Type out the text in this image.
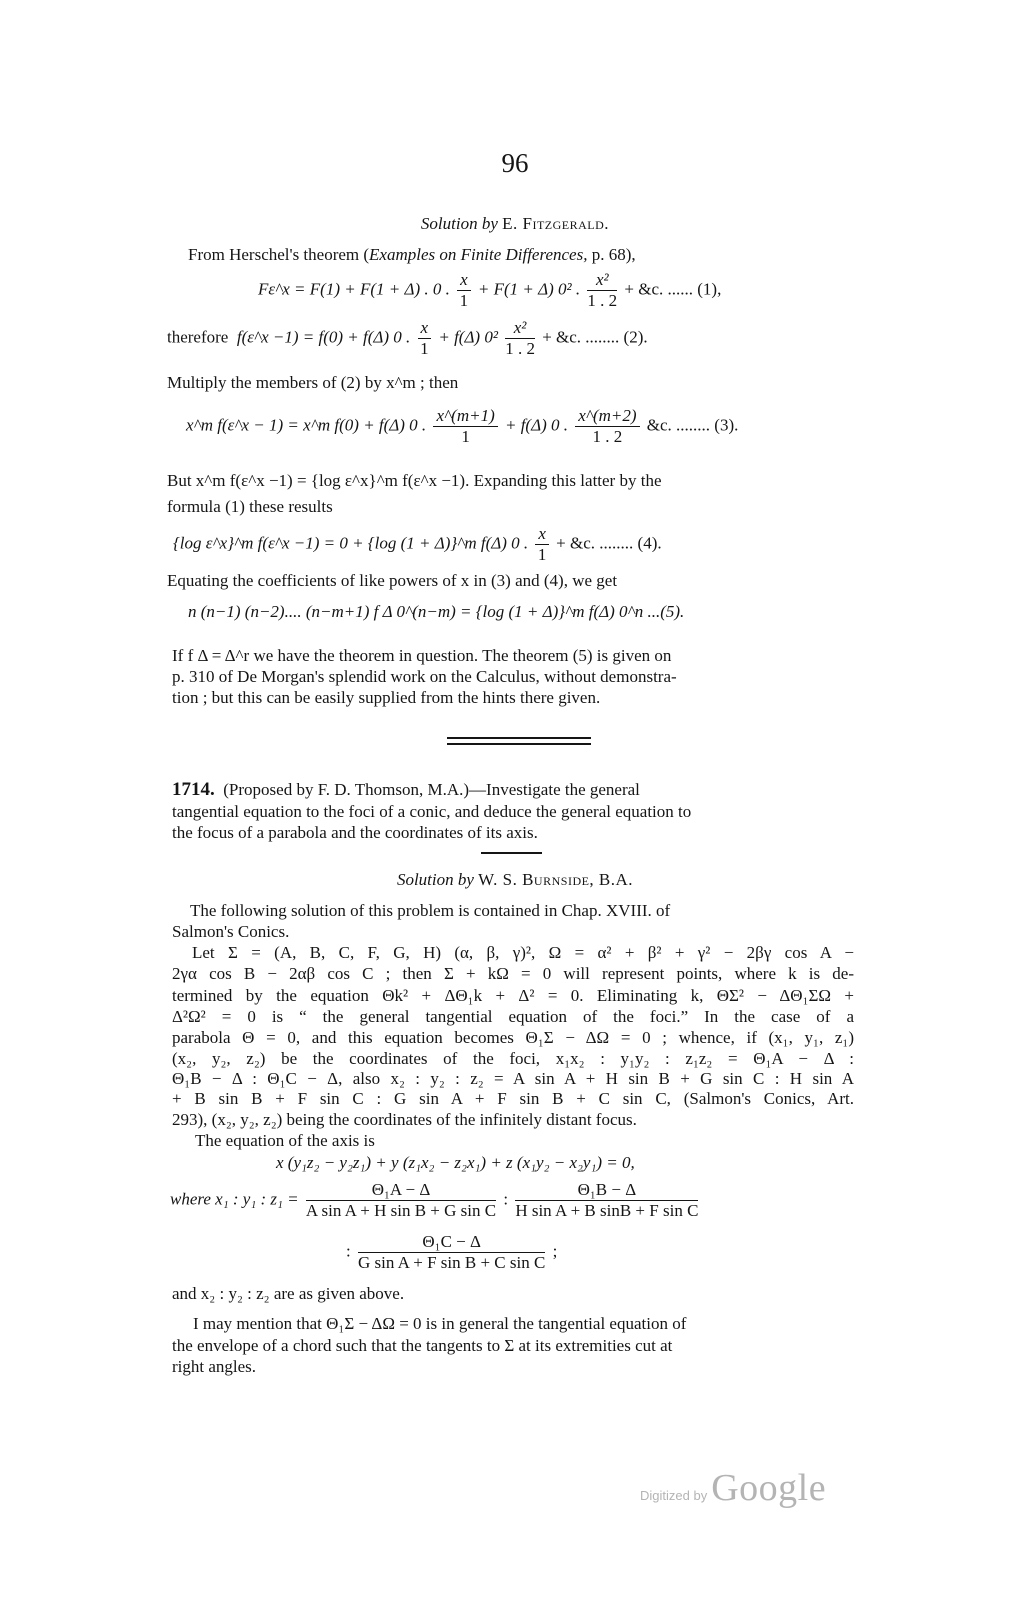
96
Solution by E. Fitzgerald.
From Herschel's theorem (Examples on Finite Differences, p. 68),
Fε^x = F(1) + F(1 + Δ) . 0 . $\frac{x}{1} + F(1 + \Delta)$ 0² . $\frac{\text{x²}}{1 . 2}$ + &c. ...... (1),
therefore f(ε^x −1) = f(0) + f(Δ) 0 . $\frac{x}{1} + f(\Delta)$ $0^2 \frac{\text{x²}}{1 . 2}$ + &c. ........ (2).
Multiply the members of (2) by x^m ; then
x^m f(ε^x − 1) = x^m f(0) + f(Δ) 0 . $\frac{x\^{}(m+1)}{1} + f(\Delta)$ 0 . $\frac{x\^{}(m+2)}{1 . 2}$ &c. ........ (3).
But x^m f(ε^x −1) = {log ε^x}^m f(ε^x −1). Expanding this latter by the
formula (1) these results
{log ε^x}^m f(ε^x −1) = 0 + {log (1 + Δ)}^m f(Δ) 0 . $\frac{x}{1}$ + &c. ........ (4).
Equating the coefficients of like powers of x in (3) and (4), we get
n (n−1) (n−2).... (n−m+1) f Δ 0^(n−m) = {log (1 + Δ)}^m f(Δ) 0^n ...(5).
If f Δ = Δ^r we have the theorem in question. The theorem (5) is given on
p. 310 of De Morgan's splendid work on the Calculus, without demonstra-
tion ; but this can be easily supplied from the hints there given.
1714. (Proposed by F. D. Thomson, M.A.)—Investigate the general
tangential equation to the foci of a conic, and deduce the general equation to
the focus of a parabola and the coordinates of its axis.
Solution by W. S. Burnside, B.A.
The following solution of this problem is contained in Chap. XVIII. of
Salmon's Conics.
Let Σ = (A, B, C, F, G, H) (α, β, γ)², Ω = α² + β² + γ² − 2βγ cos A −
2γα cos B − 2αβ cos C ; then Σ + kΩ = 0 will represent points, where k is de-
termined by the equation Θk² + ΔΘ₁k + Δ² = 0. Eliminating k, ΘΣ² − ΔΘ₁ΣΩ +
Δ²Ω² = 0 is “ the general tangential equation of the foci.” In the case of a
parabola Θ = 0, and this equation becomes Θ₁Σ − ΔΩ = 0 ; whence, if (x₁, y₁, z₁)
(x₂, y₂, z₂) be the coordinates of the foci, x₁x₂ : y₁y₂ : z₁z₂ = Θ₁A − Δ :
Θ₁B − Δ : Θ₁C − Δ, also x₂ : y₂ : z₂ = A sin A + H sin B + G sin C : H sin A
+ B sin B + F sin C : G sin A + F sin B + C sin C, (Salmon's Conics, Art.
293), (x₂, y₂, z₂) being the coordinates of the infinitely distant focus.
The equation of the axis is
x (y₁z₂ − y₂z₁) + y (z₁x₂ − z₂x₁) + z (x₁y₂ − x₂y₁) = 0,
where x₁ : y₁ : $z_1 = \frac{\text{Θ₁A − Δ}}{\text{A sin A + H sin B + G sin C}}$ : $\frac{\text{Θ₁B − Δ}}{\text{H sin A + B sinB + F sin C}}$
: $\frac{\text{Θ₁C − Δ}}{\text{G sin A + F sin B + C sin C}}$ ;
and x₂ : y₂ : z₂ are as given above.
I may mention that Θ₁Σ − ΔΩ = 0 is in general the tangential equation of
the envelope of a chord such that the tangents to Σ at its extremities cut at
right angles.
Digitized by Google
